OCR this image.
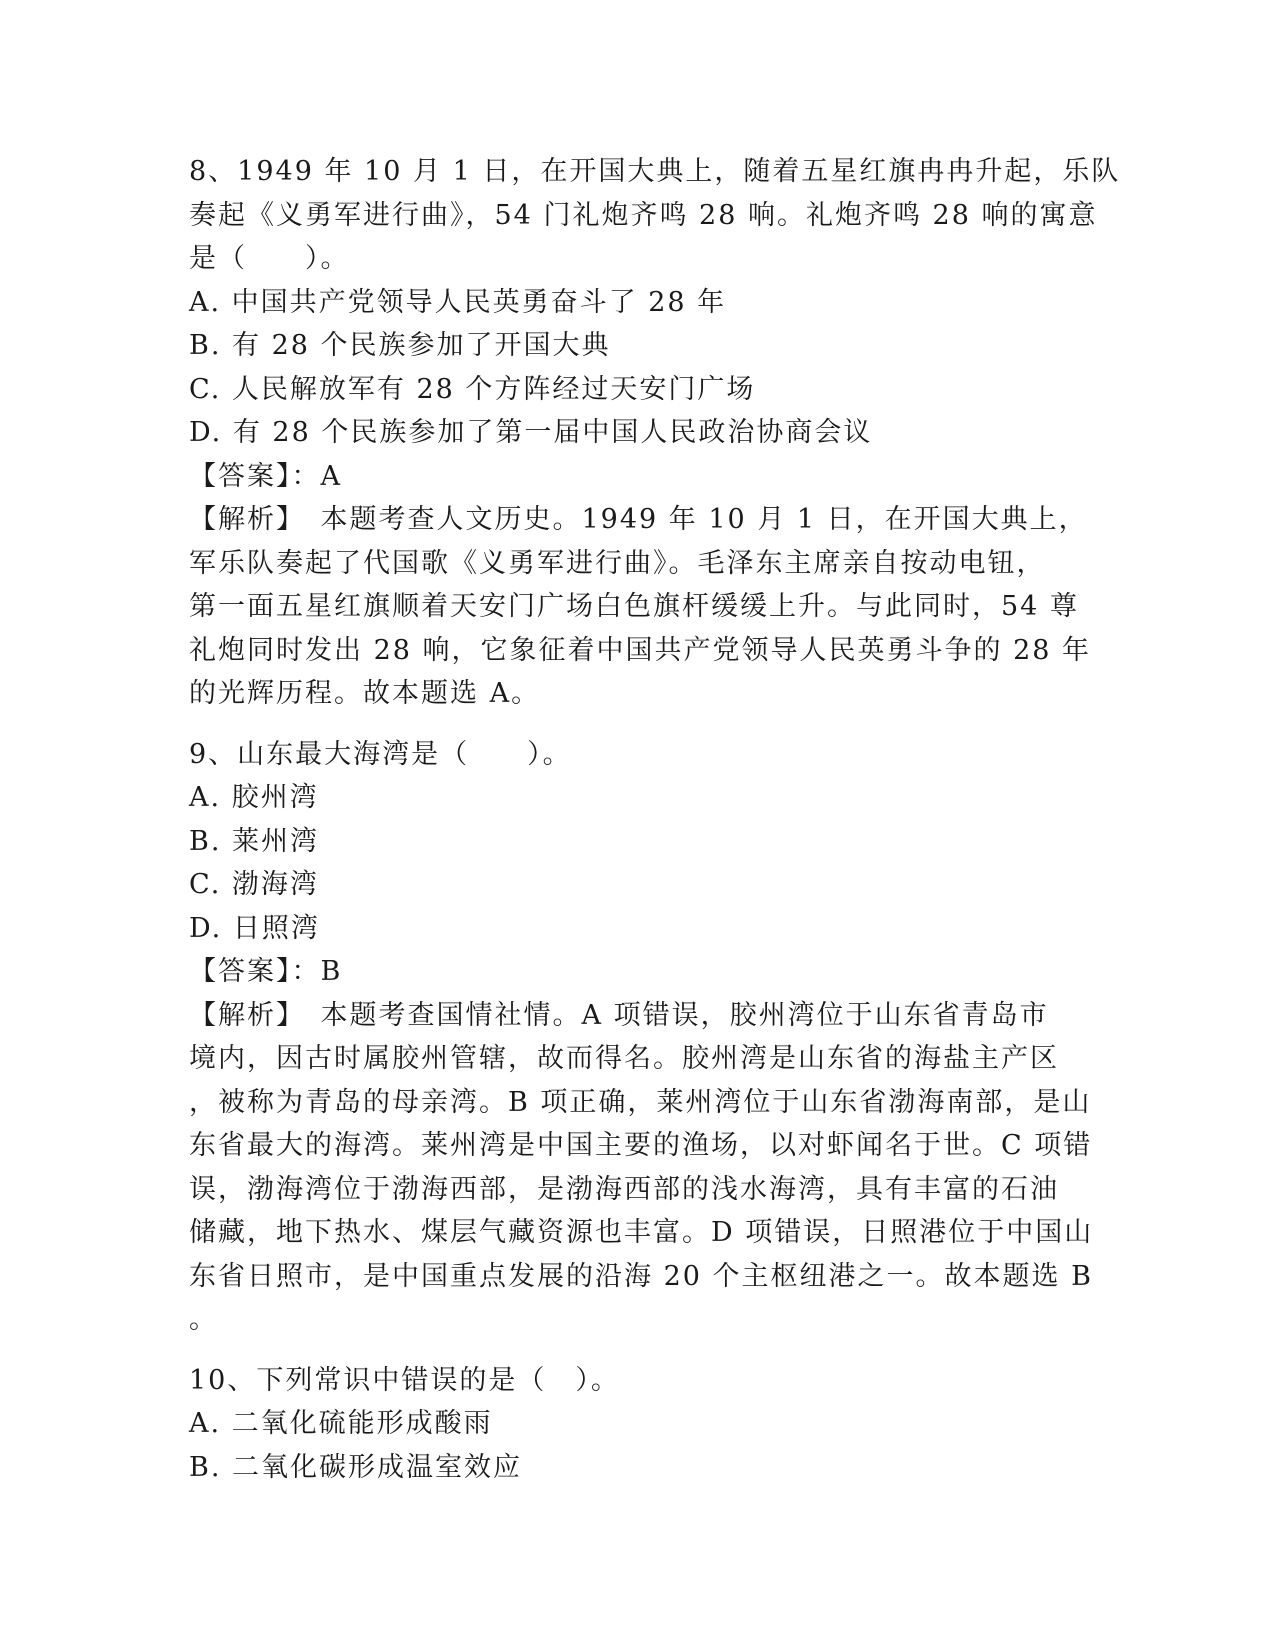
8、1949 年 10 月 1 日，在开国大典上，随着五星红旗冉冉升起，乐队
奏起《义勇军进行曲》，54 门礼炮齐鸣 28 响。礼炮齐鸣 28 响的寓意
是（　　）。
A. 中国共产党领导人民英勇奋斗了 28 年
B. 有 28 个民族参加了开国大典
C. 人民解放军有 28 个方阵经过天安门广场
D. 有 28 个民族参加了第一届中国人民政治协商会议
【答案】：A
【解析】　本题考查人文历史。1949 年 10 月 1 日，在开国大典上，
军乐队奏起了代国歌《义勇军进行曲》。毛泽东主席亲自按动电钮，
第一面五星红旗顺着天安门广场白色旗杆缓缓上升。与此同时，54 尊
礼炮同时发出 28 响，它象征着中国共产党领导人民英勇斗争的 28 年
的光辉历程。故本题选 A。
9、山东最大海湾是（　　）。
A. 胶州湾
B. 莱州湾
C. 渤海湾
D. 日照湾
【答案】：B
【解析】　本题考查国情社情。A 项错误，胶州湾位于山东省青岛市
境内，因古时属胶州管辖，故而得名。胶州湾是山东省的海盐主产区
，被称为青岛的母亲湾。B 项正确，莱州湾位于山东省渤海南部，是山
东省最大的海湾。莱州湾是中国主要的渔场，以对虾闻名于世。C 项错
误，渤海湾位于渤海西部，是渤海西部的浅水海湾，具有丰富的石油
储藏，地下热水、煤层气藏资源也丰富。D 项错误，日照港位于中国山
东省日照市，是中国重点发展的沿海 20 个主枢纽港之一。故本题选 B
。
10、下列常识中错误的是（　）。
A. 二氧化硫能形成酸雨
B. 二氧化碳形成温室效应
